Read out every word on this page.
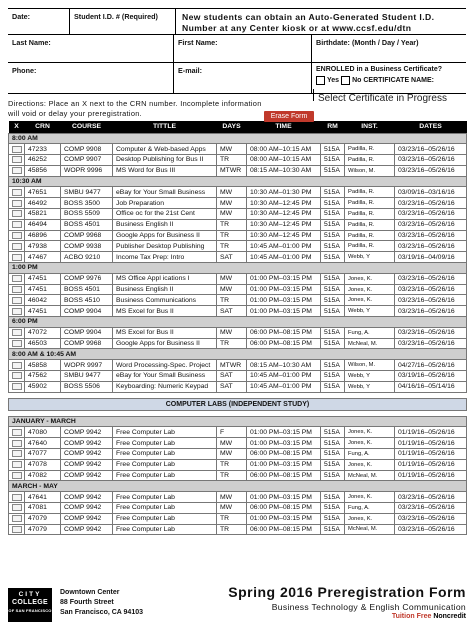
Date:	Student I.D. # (Required)	New students can obtain an Auto-Generated Student I.D.
Number at any Center kiosk or at www.ccsf.edu/dtn
Last Name:	First Name:	Birthdate: (Month / Day / Year)
Phone:	E-mail:	ENROLLED in a Business Certificate?
Yes No CERTIFICATE NAME:
Directions: Place an X next to the CRN number. Incomplete information
will void or delay your preregistration.	Erase Form
Select Certificate in Progress
X	CRN	COURSE	TITTLE	DAYS	TIME	RM	INST.	DATES
8:00 AM								

	47233	COMP 9908	Computer & Web-based Apps	MW	08:00 AM–10:15 AM	515A	Padilla, R.	03/23/16–05/26/16

	46252	COMP 9907	Desktop Publishing for Bus II	TR	08:00 AM–10:15 AM	515A	Padilla, R.	03/23/16–05/26/16

	45856	WOPR 9996	MS Word for Bus III	MTWR	08:15 AM–10:30 AM	515A	Wilson, M.	03/23/16–05/26/16
10:30 AM								

	47651	SMBU 9477	eBay for Your Small Business	MW	10:30 AM–01:30 PM	515A	Padilla, R.	03/09/16–03/16/16

	46492	BOSS 3500	Job Preparation	MW	10:30 AM–12:45 PM	515A	Padilla, R.	03/23/16–05/26/16

	45821	BOSS 5509	Office oc for the 21st Cent	MW	10:30 AM–12:45 PM	515A	Padilla, R.	03/23/16–05/26/16

	46494	BOSS 4501	Business English II	TR	10:30 AM–12:45 PM	515A	Padilla, R.	03/23/16–05/26/16

	46896	COMP 9968	Google Apps for Business II	TR	10:30 AM–12:45 PM	515A	Padilla, R.	03/23/16–05/26/16

	47938	COMP 9938	Publisher Desktop Publishing	TR	10:45 AM–01:00 PM	515A	Padilla, R.	03/23/16–05/26/16

	47467	ACBO 9210	Income Tax Prep: Intro	SAT	10:45 AM–01:00 PM	515A	Webb, Y	03/19/16–04/09/16
1:00 PM								

	47451	COMP 9976	MS Office Appl ications I	MW	01:00 PM–03:15 PM	515A	Jones, K.	03/23/16–05/26/16

	47451	BOSS 4501	Business English II	MW	01:00 PM–03:15 PM	515A	Jones, K.	03/23/16–05/26/16

	46042	BOSS 4510	Business Communications	TR	01:00 PM–03:15 PM	515A	Jones, K.	03/23/16–05/26/16

	47451	COMP 9904	MS Excel for Bus II	SAT	01:00 PM–03:15 PM	515A	Webb, Y	03/23/16–05/26/16
6:00 PM								

	47072	COMP 9904	MS Excel for Bus II	MW	06:00 PM–08:15 PM	515A	Fung, A.	03/23/16–05/26/16

	46503	COMP 9968	Google Apps for Business II	TR	06:00 PM–08:15 PM	515A	McNeal, M.	03/23/16–05/26/16
8:00 AM & 10:45 AM								

	45858	WOPR 9997	Word Processing-Spec. Project	MTWR	08:15 AM–10:30 AM	515A	Wilson, M.	04/27/16–05/26/16

	47562	SMBU 9477	eBay for Your Small Business	SAT	10:45 AM–01:00 PM	515A	Webb, Y	03/19/16–05/26/16

	45902	BOSS 5506	Keyboarding: Numeric Keypad	SAT	10:45 AM–01:00 PM	515A	Webb, Y	04/16/16–05/14/16

COMPUTER LABS (INDEPENDENT STUDY)								

JANUARY - MARCH								

	47080	COMP 9942	Free Computer Lab	F	01:00 PM–03:15 PM	515A	Jones, K.	01/19/16–05/26/16

	47640	COMP 9942	Free Computer Lab	MW	01:00 PM–03:15 PM	515A	Jones, K.	01/19/16–05/26/16

	47077	COMP 9942	Free Computer Lab	MW	06:00 PM–08:15 PM	515A	Fung, A.	01/19/16–05/26/16

	47078	COMP 9942	Free Computer Lab	TR	01:00 PM–03:15 PM	515A	Jones, K.	01/19/16–05/26/16

	47082	COMP 9942	Free Computer Lab	TR	06:00 PM–08:15 PM	515A	McNeal, M.	01/19/16–05/26/16
MARCH - MAY								

	47641	COMP 9942	Free Computer Lab	MW	01:00 PM–03:15 PM	515A	Jones, K.	03/23/16–05/26/16

	47081	COMP 9942	Free Computer Lab	MW	06:00 PM–08:15 PM	515A	Fung, A.	03/23/16–05/26/16

	47079	COMP 9942	Free Computer Lab	TR	01:00 PM–03:15 PM	515A	Jones, K.	03/23/16–05/26/16

	47079	COMP 9942	Free Computer Lab	TR	06:00 PM–08:15 PM	515A	McNeal, M.	03/23/16–05/26/16
CITY
COLLEGE
OF SAN FRANCISCO
Downtown Center
88 Fourth Street
San Francisco, CA 94103
Spring 2016 Preregistration Form
Business Technology & English Communication
Tuition Free Noncredit
